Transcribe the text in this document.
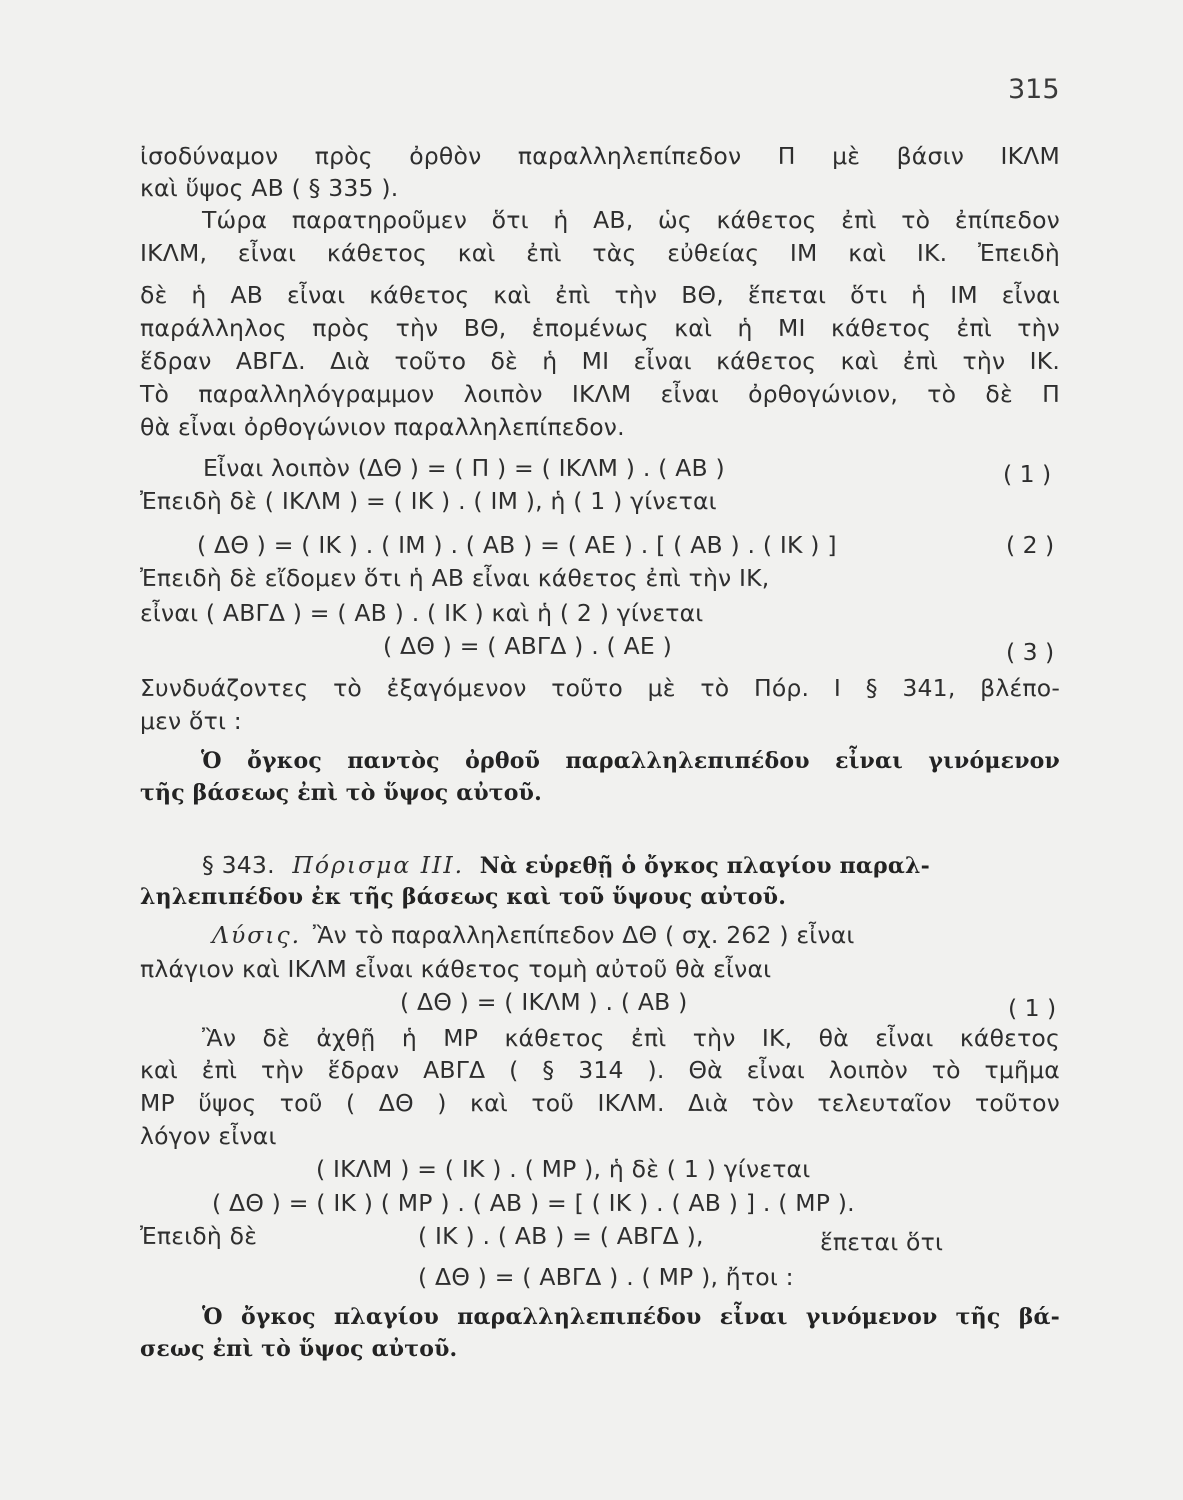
315
ἰσοδύναμον πρὸς ὀρθὸν παραλληλεπίπεδον Π μὲ βάσιν ΙΚΛΜ
καὶ ὕψος ΑΒ ( § 335 ).
Τώρα παρατηροῦμεν ὅτι ἡ ΑΒ, ὡς κάθετος ἐπὶ τὸ ἐπίπεδον
ΙΚΛΜ, εἶναι κάθετος καὶ ἐπὶ τὰς εὐθείας ΙΜ καὶ ΙΚ. Ἐπειδὴ
δὲ ἡ ΑΒ εἶναι κάθετος καὶ ἐπὶ τὴν ΒΘ, ἕπεται ὅτι ἡ ΙΜ εἶναι
παράλληλος πρὸς τὴν ΒΘ, ἑπομένως καὶ ἡ ΜΙ κάθετος ἐπὶ τὴν
ἕδραν ΑΒΓΔ. Διὰ τοῦτο δὲ ἡ ΜΙ εἶναι κάθετος καὶ ἐπὶ τὴν ΙΚ.
Τὸ παραλληλόγραμμον λοιπὸν ΙΚΛΜ εἶναι ὀρθογώνιον, τὸ δὲ Π
θὰ εἶναι ὀρθογώνιον παραλληλεπίπεδον.
Εἶναι λοιπὸν (ΔΘ ) = ( Π ) = ( ΙΚΛΜ ) . ( ΑΒ )	( 1 )
Ἐπειδὴ δὲ ( ΙΚΛΜ ) = ( ΙΚ ) . ( ΙΜ ), ἡ ( 1 ) γίνεται
( ΔΘ ) = ( ΙΚ ) . ( ΙΜ ) . ( ΑΒ ) = ( ΑΕ ) . [ ( ΑΒ ) . ( ΙΚ ) ]	( 2 )
Ἐπειδὴ δὲ εἴδομεν ὅτι ἡ ΑΒ εἶναι κάθετος ἐπὶ τὴν ΙΚ,
εἶναι ( ΑΒΓΔ ) = ( ΑΒ ) . ( ΙΚ ) καὶ ἡ ( 2 ) γίνεται
( ΔΘ ) = ( ΑΒΓΔ ) . ( ΑΕ )	( 3 )
Συνδυάζοντες τὸ ἐξαγόμενον τοῦτο μὲ τὸ Πόρ. Ι § 341, βλέπο-
μεν ὅτι :
Ὁ ὄγκος παντὸς ὀρθοῦ παραλληλεπιπέδου εἶναι γινόμενον
τῆς βάσεως ἐπὶ τὸ ὕψος αὐτοῦ.
§ 343. Πόρισμα ΙΙΙ. Νὰ εὑρεθῇ ὁ ὄγκος πλαγίου παραλ-
ληλεπιπέδου ἐκ τῆς βάσεως καὶ τοῦ ὕψους αὐτοῦ.
Λύσις. Ἂν τὸ παραλληλεπίπεδον ΔΘ ( σχ. 262 ) εἶναι
πλάγιον καὶ ΙΚΛΜ εἶναι κάθετος τομὴ αὐτοῦ θὰ εἶναι
( ΔΘ ) = ( ΙΚΛΜ ) . ( ΑΒ )	( 1 )
Ἂν δὲ ἀχθῇ ἡ ΜΡ κάθετος ἐπὶ τὴν ΙΚ, θὰ εἶναι κάθετος
καὶ ἐπὶ τὴν ἕδραν ΑΒΓΔ ( § 314 ). Θὰ εἶναι λοιπὸν τὸ τμῆμα
ΜΡ ὕψος τοῦ ( ΔΘ ) καὶ τοῦ ΙΚΛΜ. Διὰ τὸν τελευταῖον τοῦτον
λόγον εἶναι
( ΙΚΛΜ ) = ( ΙΚ ) . ( ΜΡ ), ἡ δὲ ( 1 ) γίνεται
( ΔΘ ) = ( ΙΚ ) ( ΜΡ ) . ( ΑΒ ) = [ ( ΙΚ ) . ( ΑΒ ) ] . ( ΜΡ ).
Ἐπειδὴ δὲ	( ΙΚ ) . ( ΑΒ ) = ( ΑΒΓΔ ),	ἕπεται ὅτι
( ΔΘ ) = ( ΑΒΓΔ ) . ( ΜΡ ), ἤτοι :
Ὁ ὄγκος πλαγίου παραλληλεπιπέδου εἶναι γινόμενον τῆς βά-
σεως ἐπὶ τὸ ὕψος αὐτοῦ.
